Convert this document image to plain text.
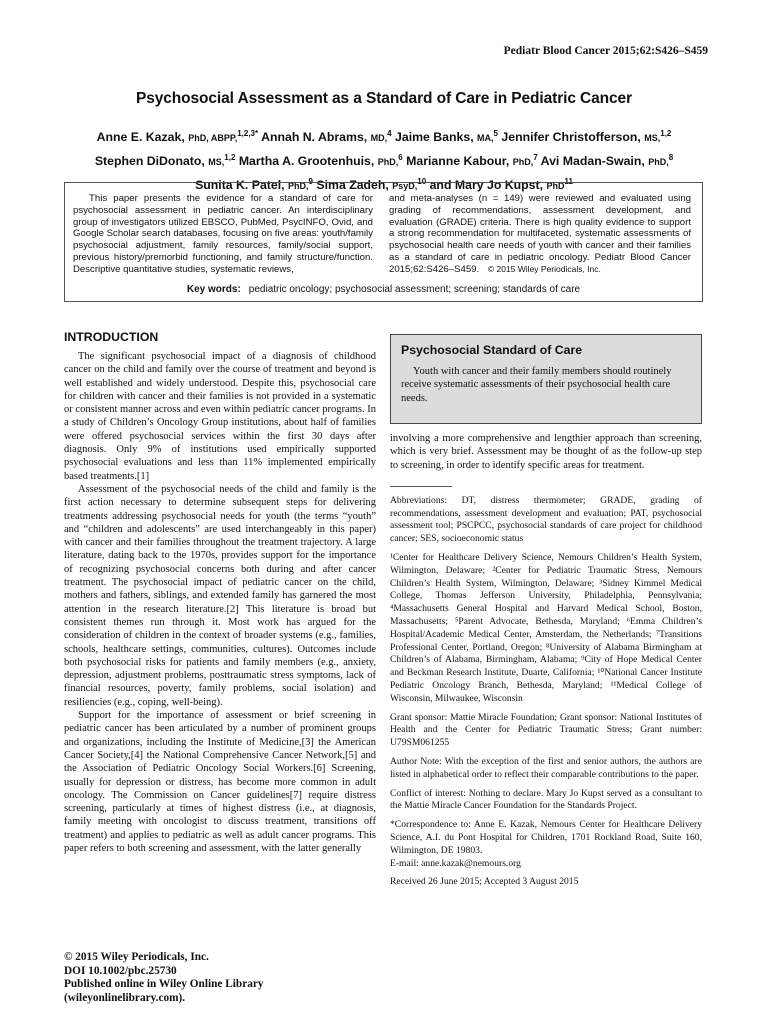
Pediatr Blood Cancer 2015;62:S426–S459
Psychosocial Assessment as a Standard of Care in Pediatric Cancer
Anne E. Kazak, PhD, ABPP,$^{1,2,3*}$ Annah N. Abrams, MD,$^4$ Jaime Banks, MA,$^5$ Jennifer Christofferson, MS,$^{1,2}$
Stephen DiDonato, MS,$^{1,2}$ Martha A. Grootenhuis, PhD,$^6$ Marianne Kabour, PhD,$^7$ Avi Madan-Swain, PhD,$^8$
Sunita K. Patel, PhD,$^9$ Sima Zadeh, PsyD,$^{10}$ and Mary Jo Kupst, PhD$^{11}$
This paper presents the evidence for a standard of care for psychosocial assessment in pediatric cancer. An interdisciplinary group of investigators utilized EBSCO, PubMed, PsycINFO, Ovid, and Google Scholar search databases, focusing on five areas: youth/family psychosocial adjustment, family resources, family/social support, previous history/premorbid functioning, and family structure/function. Descriptive quantitative studies, systematic reviews,
and meta-analyses (n = 149) were reviewed and evaluated using grading of recommendations, assessment development, and evaluation (GRADE) criteria. There is high quality evidence to support a strong recommendation for multifaceted, systematic assessments of psychosocial health care needs of youth with cancer and their families as a standard of care in pediatric oncology. Pediatr Blood Cancer 2015;62:S426–S459. © 2015 Wiley Periodicals, Inc.
Key words: pediatric oncology; psychosocial assessment; screening; standards of care
INTRODUCTION

The significant psychosocial impact of a diagnosis of childhood cancer on the child and family over the course of treatment and beyond is well established and widely understood. Despite this, psychosocial care for children with cancer and their families is not provided in a systematic or consistent manner across and even within pediatric cancer programs. In a study of Children’s Oncology Group institutions, about half of families were offered psychosocial services within the first 30 days after diagnosis. Only 9% of institutions used empirically supported psychosocial evaluations and less than 11% implemented empirically based treatments.[1]

Assessment of the psychosocial needs of the child and family is the first action necessary to determine subsequent steps for delivering treatments addressing psychosocial needs for youth (the terms “youth” and “children and adolescents” are used interchangeably in this paper) with cancer and their families throughout the treatment trajectory. A large literature, dating back to the 1970s, provides support for the importance of recognizing psychosocial concerns both during and after cancer treatment. The psychosocial impact of pediatric cancer on the child, mothers and fathers, siblings, and extended family has garnered the most attention in the research literature.[2] This literature is broad but consistent themes run through it. Most work has argued for the consideration of children in the context of broader systems (e.g., families, schools, healthcare settings, communities, cultures). Outcomes include both psychosocial risks for patients and family members (e.g., anxiety, depression, adjustment problems, posttraumatic stress symptoms, lack of financial resources, poverty, family problems, social isolation) and resiliencies (e.g., coping, well-being).

Support for the importance of assessment or brief screening in pediatric cancer has been articulated by a number of prominent groups and organizations, including the Institute of Medicine,[3] the American Cancer Society,[4] the National Comprehensive Cancer Network,[5] and the Association of Pediatric Oncology Social Workers.[6] Screening, usually for depression or distress, has become more common in adult oncology. The Commission on Cancer guidelines[7] require distress screening, particularly at times of highest distress (i.e., at diagnosis, family meeting with oncologist to discuss treatment, transitions off treatment) and applies to pediatric as well as adult cancer programs. This paper refers to both screening and assessment, with the latter generally

Psychosocial Standard of Care
Youth with cancer and their family members should routinely receive systematic assessments of their psychosocial health care needs.
involving a more comprehensive and lengthier approach than screening, which is very brief. Assessment may be thought of as the follow-up step to screening, in order to identify specific areas for treatment.

Abbreviations: DT, distress thermometer; GRADE, grading of recommendations, assessment development and evaluation; PAT, psychosocial assessment tool; PSCPCC, psychosocial standards of care project for childhood cancer; SES, socioeconomic status

¹Center for Healthcare Delivery Science, Nemours Children’s Health System, Wilmington, Delaware; ²Center for Pediatric Traumatic Stress, Nemours Children’s Health System, Wilmington, Delaware; ³Sidney Kimmel Medical College, Thomas Jefferson University, Philadelphia, Pennsylvania; ⁴Massachusetts General Hospital and Harvard Medical School, Boston, Massachusetts; ⁵Parent Advocate, Bethesda, Maryland; ⁶Emma Children’s Hospital/Academic Medical Center, Amsterdam, the Netherlands; ⁷Transitions Professional Center, Portland, Oregon; ⁸University of Alabama Birmingham at Children’s of Alabama, Birmingham, Alabama; ⁹City of Hope Medical Center and Beckman Research Institute, Duarte, California; ¹⁰National Cancer Institute Pediatric Oncology Branch, Bethesda, Maryland; ¹¹Medical College of Wisconsin, Milwaukee, Wisconsin

Grant sponsor: Mattie Miracle Foundation; Grant sponsor: National Institutes of Health and the Center for Pediatric Traumatic Stress; Grant number: U79SM061255

Author Note: With the exception of the first and senior authors, the authors are listed in alphabetical order to reflect their comparable contributions to the paper.

Conflict of interest: Nothing to declare. Mary Jo Kupst served as a consultant to the Mattie Miracle Cancer Foundation for the Standards Project.

*Correspondence to: Anne E. Kazak, Nemours Center for Healthcare Delivery Science, A.I. du Pont Hospital for Children, 1701 Rockland Road, Suite 160, Wilmington, DE 19803.

E-mail: anne.kazak@nemours.org

Received 26 June 2015; Accepted 3 August 2015

© 2015 Wiley Periodicals, Inc.
DOI 10.1002/pbc.25730
Published online in Wiley Online Library
(wileyonlinelibrary.com).
